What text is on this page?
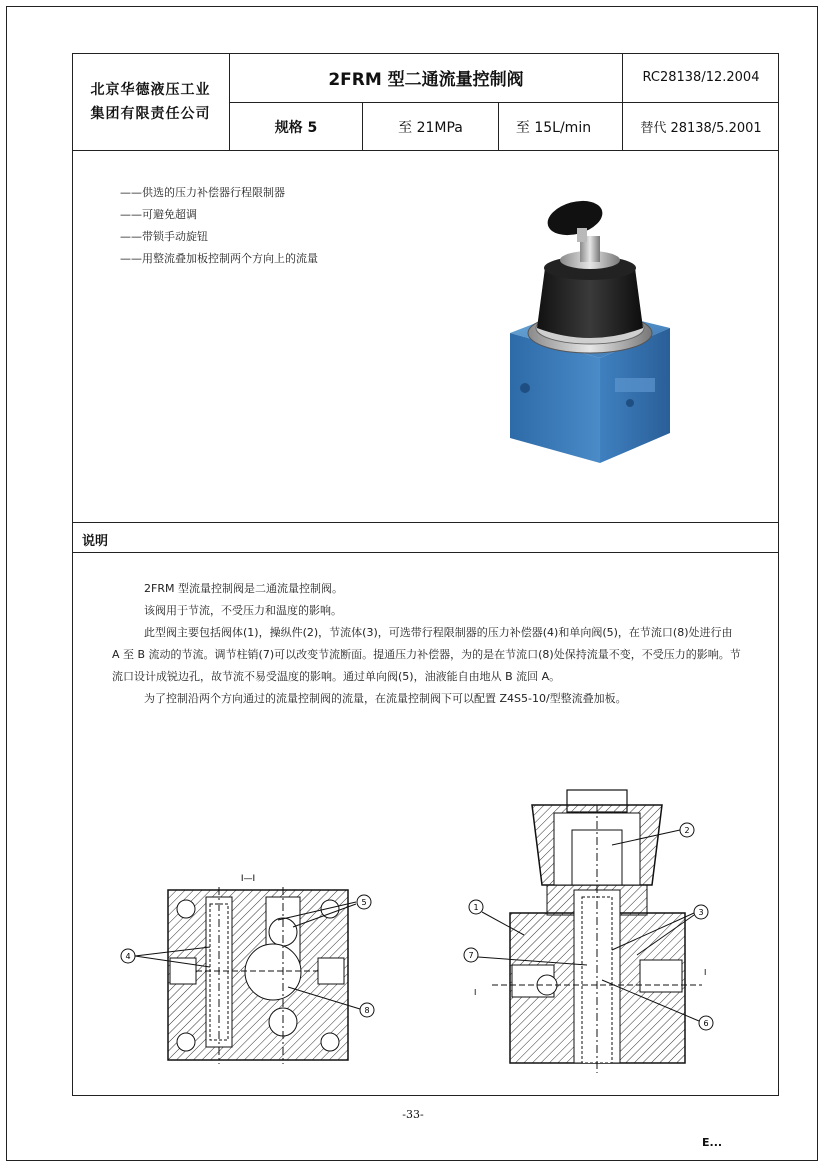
北京华德液压工业
集团有限责任公司
2FRM 型二通流量控制阀	RC28138/12.2004
规格 5	至 21MPa	至 15L/min	替代 28138/5.2001
——供选的压力补偿器行程限制器
——可避免超调
——带锁手动旋钮
——用整流叠加板控制两个方向上的流量
说明

2FRM 型流量控制阀是二通流量控制阀。

该阀用于节流，不受压力和温度的影响。

此型阀主要包括阀体(1)，操纵件(2)，节流体(3)，可选带行程限制器的压力补偿器(4)和单向阀(5)，在节流口(8)处进行由 A 至 B 流动的节流。调节柱销(7)可以改变节流断面。提通压力补偿器，为的是在节流口(8)处保持流量不变，不受压力的影响。节流口设计成锐边孔，故节流不易受温度的影响。通过单向阀(5)，油液能自由地从 B 流回 A。

为了控制沿两个方向通过的流量控制阀的流量，在流量控制阀下可以配置 Z4S5-10/型整流叠加板。

I—I
5
4
8
2
1
3
7
6
I
I
-33-
E...
